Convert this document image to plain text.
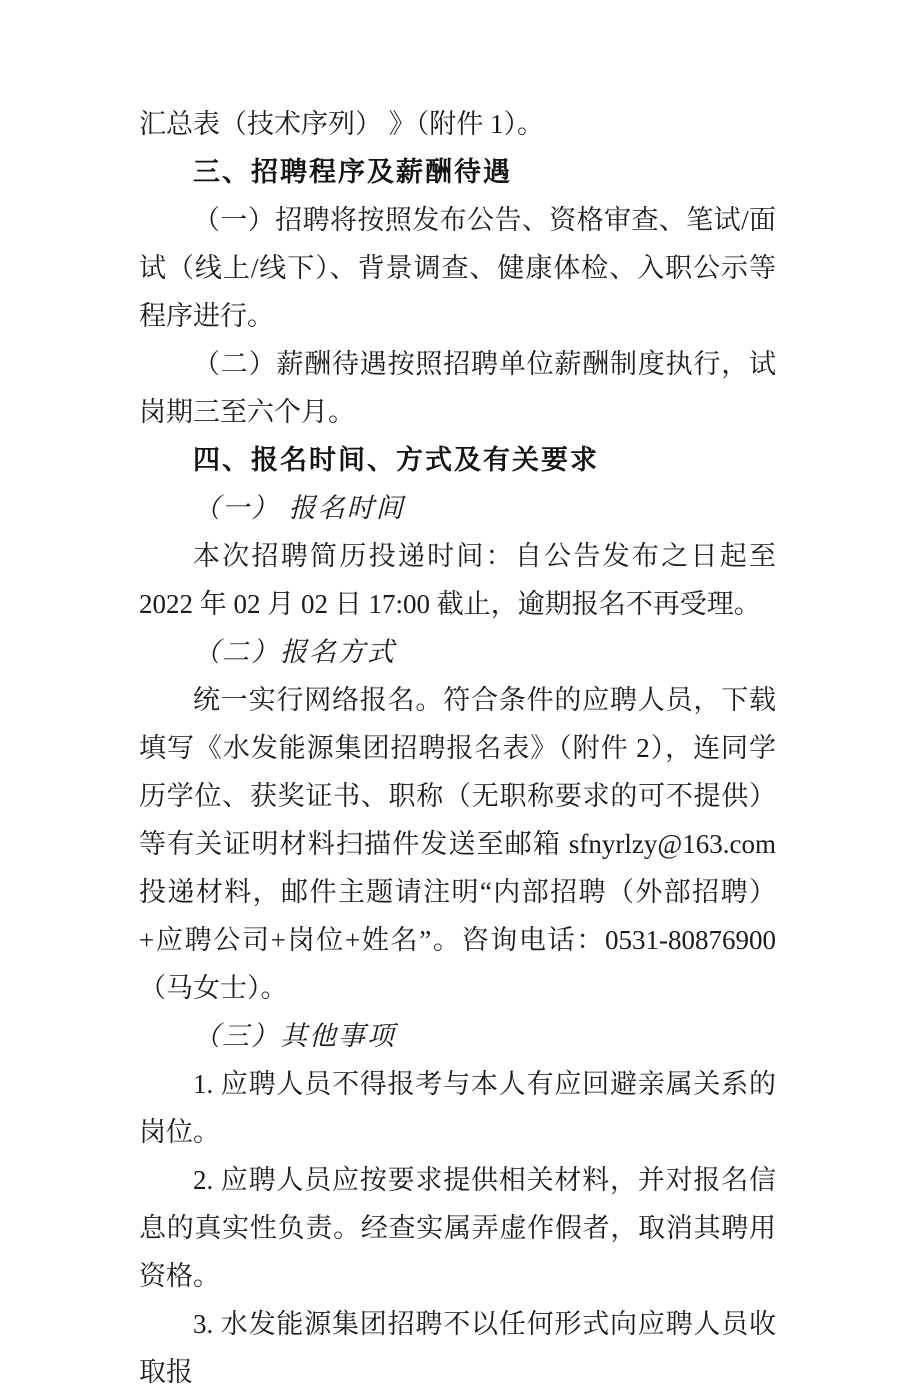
汇总表（技术序列） 》（附件 1）。

三、招聘程序及薪酬待遇

（一）招聘将按照发布公告、资格审查、笔试/面试（线上/线下）、背景调查、健康体检、入职公示等程序进行。

（二）薪酬待遇按照招聘单位薪酬制度执行，试岗期三至六个月。

四、报名时间、方式及有关要求

（一） 报名时间

本次招聘简历投递时间：自公告发布之日起至 2022 年 02 月 02 日 17:00 截止，逾期报名不再受理。

（二）报名方式

统一实行网络报名。符合条件的应聘人员，下载填写《水发能源集团招聘报名表》（附件 2），连同学历学位、获奖证书、职称（无职称要求的可不提供）等有关证明材料扫描件发送至邮箱 sfnyrlzy@163.com 投递材料，邮件主题请注明“内部招聘（外部招聘）+应聘公司+岗位+姓名”。咨询电话：0531-80876900（马女士）。

（三）其他事项

1. 应聘人员不得报考与本人有应回避亲属关系的岗位。

2. 应聘人员应按要求提供相关材料，并对报名信息的真实性负责。经查实属弄虚作假者，取消其聘用资格。

3. 水发能源集团招聘不以任何形式向应聘人员收取报
